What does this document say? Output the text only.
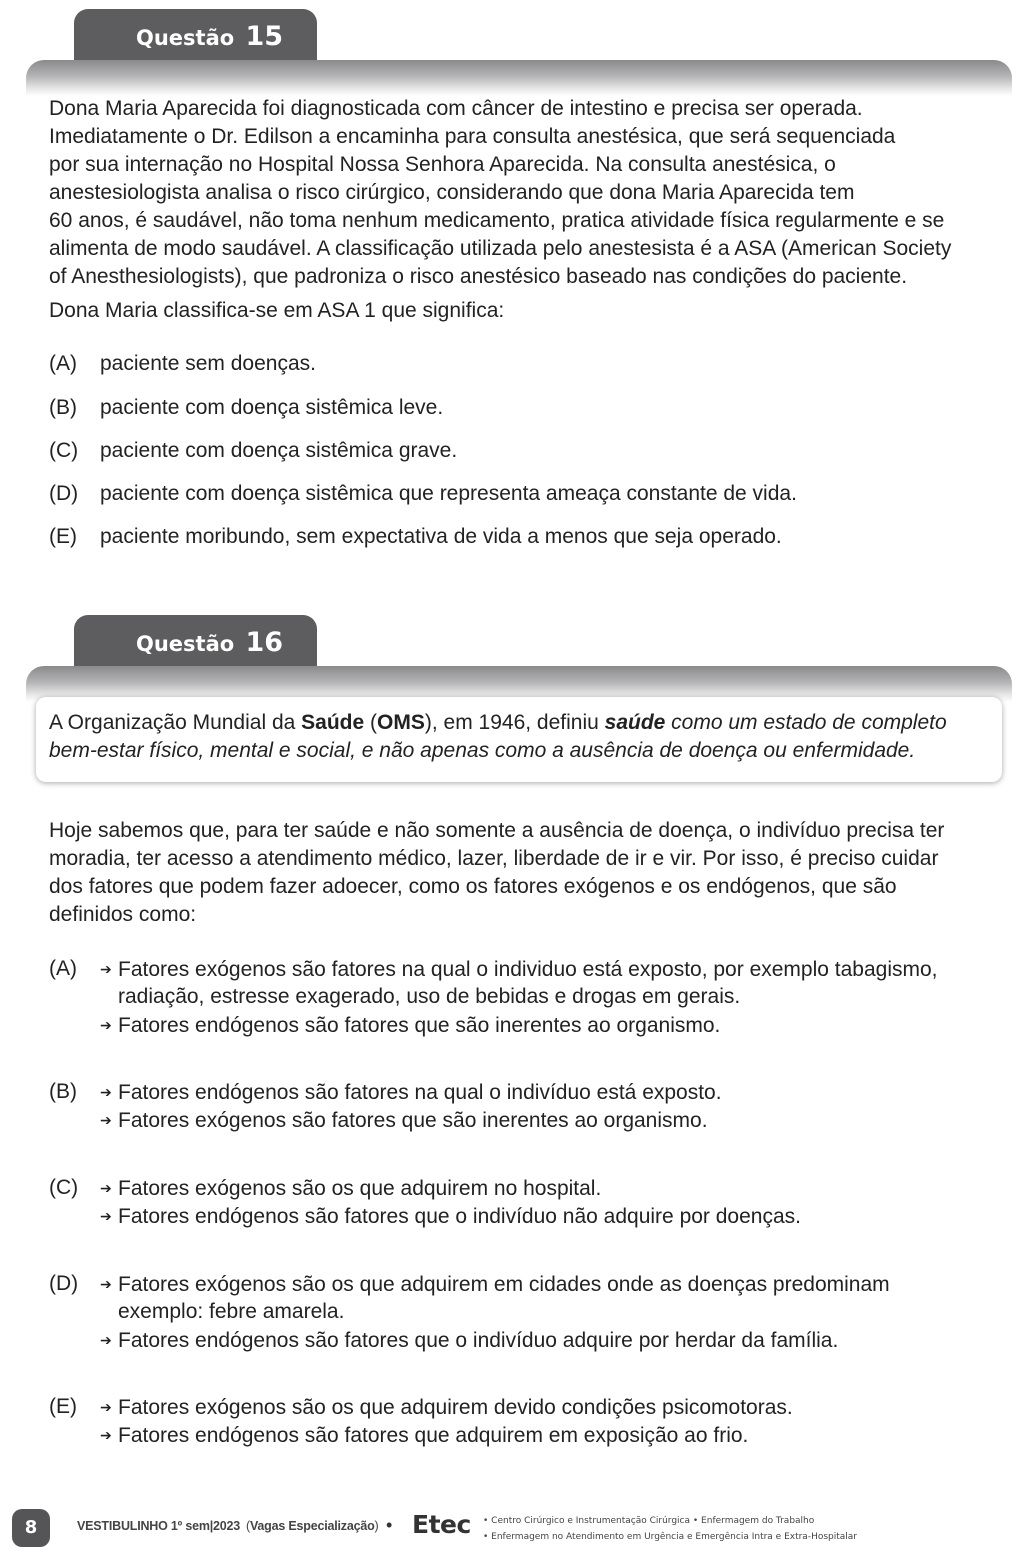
Questão 15
Dona Maria Aparecida foi diagnosticada com câncer de intestino e precisa ser operada.
Imediatamente o Dr. Edilson a encaminha para consulta anestésica, que será sequenciada
por sua internação no Hospital Nossa Senhora Aparecida. Na consulta anestésica, o
anestesiologista analisa o risco cirúrgico, considerando que dona Maria Aparecida tem
60 anos, é saudável, não toma nenhum medicamento, pratica atividade física regularmente e se
alimenta de modo saudável. A classificação utilizada pelo anestesista é a ASA (American Society
of Anesthesiologists), que padroniza o risco anestésico baseado nas condições do paciente.
Dona Maria classifica-se em ASA 1 que significa:
(A) paciente sem doenças.
(B) paciente com doença sistêmica leve.
(C) paciente com doença sistêmica grave.
(D) paciente com doença sistêmica que representa ameaça constante de vida.
(E) paciente moribundo, sem expectativa de vida a menos que seja operado.
Questão 16
A Organização Mundial da Saúde (OMS), em 1946, definiu saúde como um estado de completo
bem-estar físico, mental e social, e não apenas como a ausência de doença ou enfermidade.
Hoje sabemos que, para ter saúde e não somente a ausência de doença, o indivíduo precisa ter
moradia, ter acesso a atendimento médico, lazer, liberdade de ir e vir. Por isso, é preciso cuidar
dos fatores que podem fazer adoecer, como os fatores exógenos e os endógenos, que são
definidos como:
(A) ➔ Fatores exógenos são fatores na qual o individuo está exposto, por exemplo tabagismo,
radiação, estresse exagerado, uso de bebidas e drogas em gerais.
➔ Fatores endógenos são fatores que são inerentes ao organismo.
(B) ➔ Fatores endógenos são fatores na qual o indivíduo está exposto.
➔ Fatores exógenos são fatores que são inerentes ao organismo.
(C) ➔ Fatores exógenos são os que adquirem no hospital.
➔ Fatores endógenos são fatores que o indivíduo não adquire por doenças.
(D) ➔ Fatores exógenos são os que adquirem em cidades onde as doenças predominam
exemplo: febre amarela.
➔ Fatores endógenos são fatores que o indivíduo adquire por herdar da família.
(E) ➔ Fatores exógenos são os que adquirem devido condições psicomotoras.
➔ Fatores endógenos são fatores que adquirem em exposição ao frio.
8	VESTIBULINHO 1º sem|2023 (Vagas Especialização) • Etec • Centro Cirúrgico e Instrumentação Cirúrgica • Enfermagem do Trabalho
• Enfermagem no Atendimento em Urgência e Emergência Intra e Extra-Hospitalar
